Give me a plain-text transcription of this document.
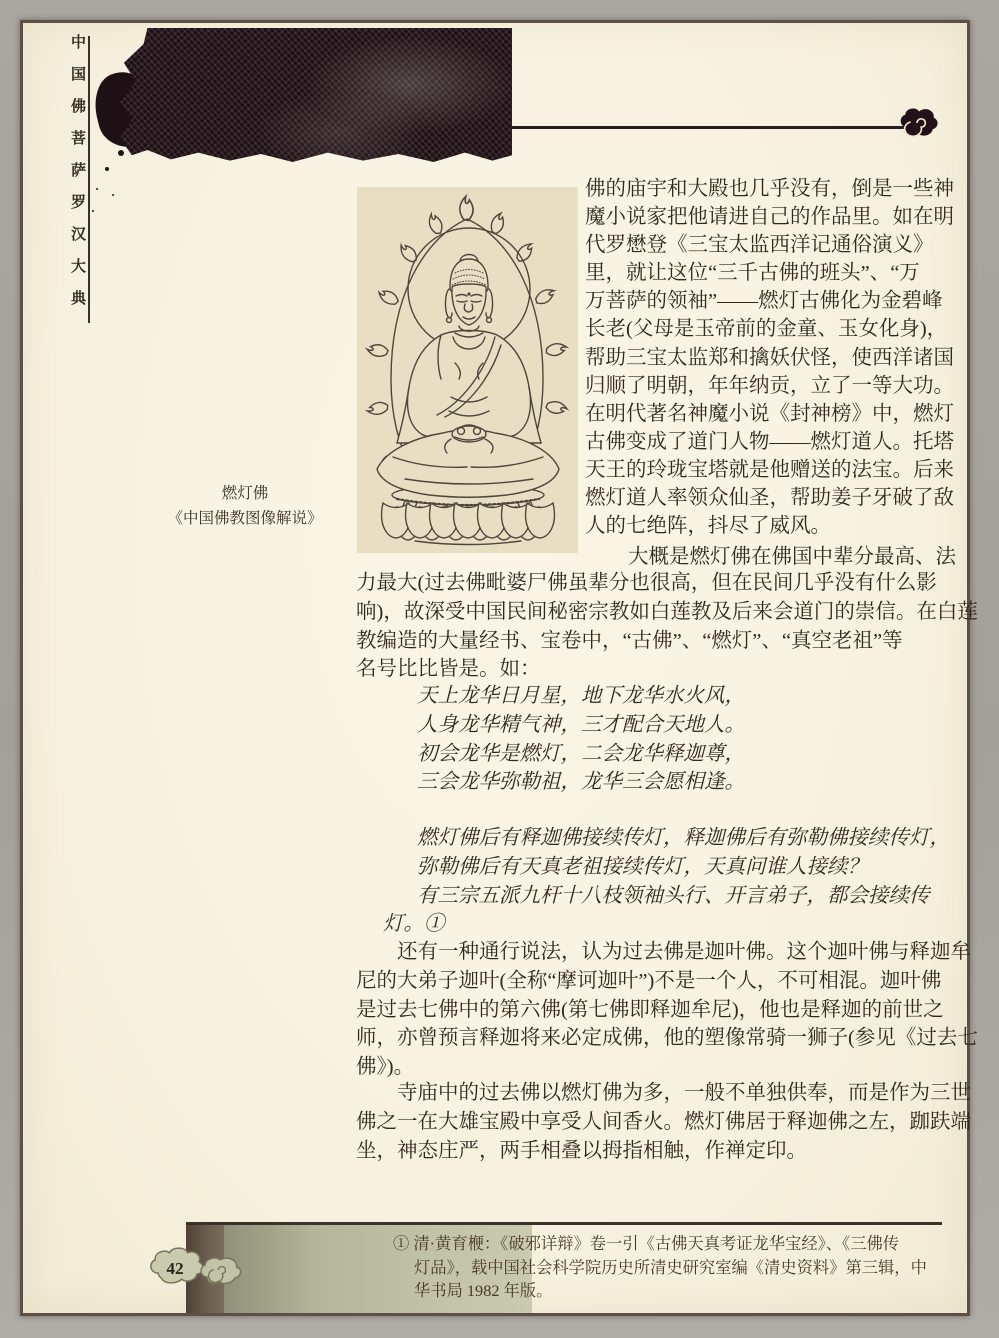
中国佛菩萨罗汉大典
燃灯佛
《中国佛教图像解说》
佛的庙宇和大殿也几乎没有，倒是一些神
魔小说家把他请进自己的作品里。如在明
代罗懋登《三宝太监西洋记通俗演义》
里，就让这位“三千古佛的班头”、“万
万菩萨的领袖”——燃灯古佛化为金碧峰
长老(父母是玉帝前的金童、玉女化身)，
帮助三宝太监郑和擒妖伏怪，使西洋诸国
归顺了明朝，年年纳贡，立了一等大功。
在明代著名神魔小说《封神榜》中，燃灯
古佛变成了道门人物——燃灯道人。托塔
天王的玲珑宝塔就是他赠送的法宝。后来
燃灯道人率领众仙圣，帮助姜子牙破了敌
人的七绝阵，抖尽了威风。
大概是燃灯佛在佛国中辈分最高、法
力最大(过去佛毗婆尸佛虽辈分也很高，但在民间几乎没有什么影
响)，故深受中国民间秘密宗教如白莲教及后来会道门的崇信。在白莲
教编造的大量经书、宝卷中，“古佛”、“燃灯”、“真空老祖”等
名号比比皆是。如：
天上龙华日月星，地下龙华水火风，
人身龙华精气神，三才配合天地人。
初会龙华是燃灯，二会龙华释迦尊，
三会龙华弥勒祖，龙华三会愿相逢。
燃灯佛后有释迦佛接续传灯，释迦佛后有弥勒佛接续传灯，
弥勒佛后有天真老祖接续传灯，天真问谁人接续？
有三宗五派九杆十八枝领袖头行、开言弟子，都会接续传
灯。①
还有一种通行说法，认为过去佛是迦叶佛。这个迦叶佛与释迦牟
尼的大弟子迦叶(全称“摩诃迦叶”)不是一个人，不可相混。迦叶佛
是过去七佛中的第六佛(第七佛即释迦牟尼)，他也是释迦的前世之
师，亦曾预言释迦将来必定成佛，他的塑像常骑一狮子(参见《过去七
佛》)。
寺庙中的过去佛以燃灯佛为多，一般不单独供奉，而是作为三世
佛之一在大雄宝殿中享受人间香火。燃灯佛居于释迦佛之左，跏趺端
坐，神态庄严，两手相叠以拇指相触，作禅定印。
42
① 清·黄育楩：《破邪详辩》卷一引《古佛天真考证龙华宝经》、《三佛传
灯品》，载中国社会科学院历史所清史研究室编《清史资料》第三辑，中
华书局 1982 年版。
